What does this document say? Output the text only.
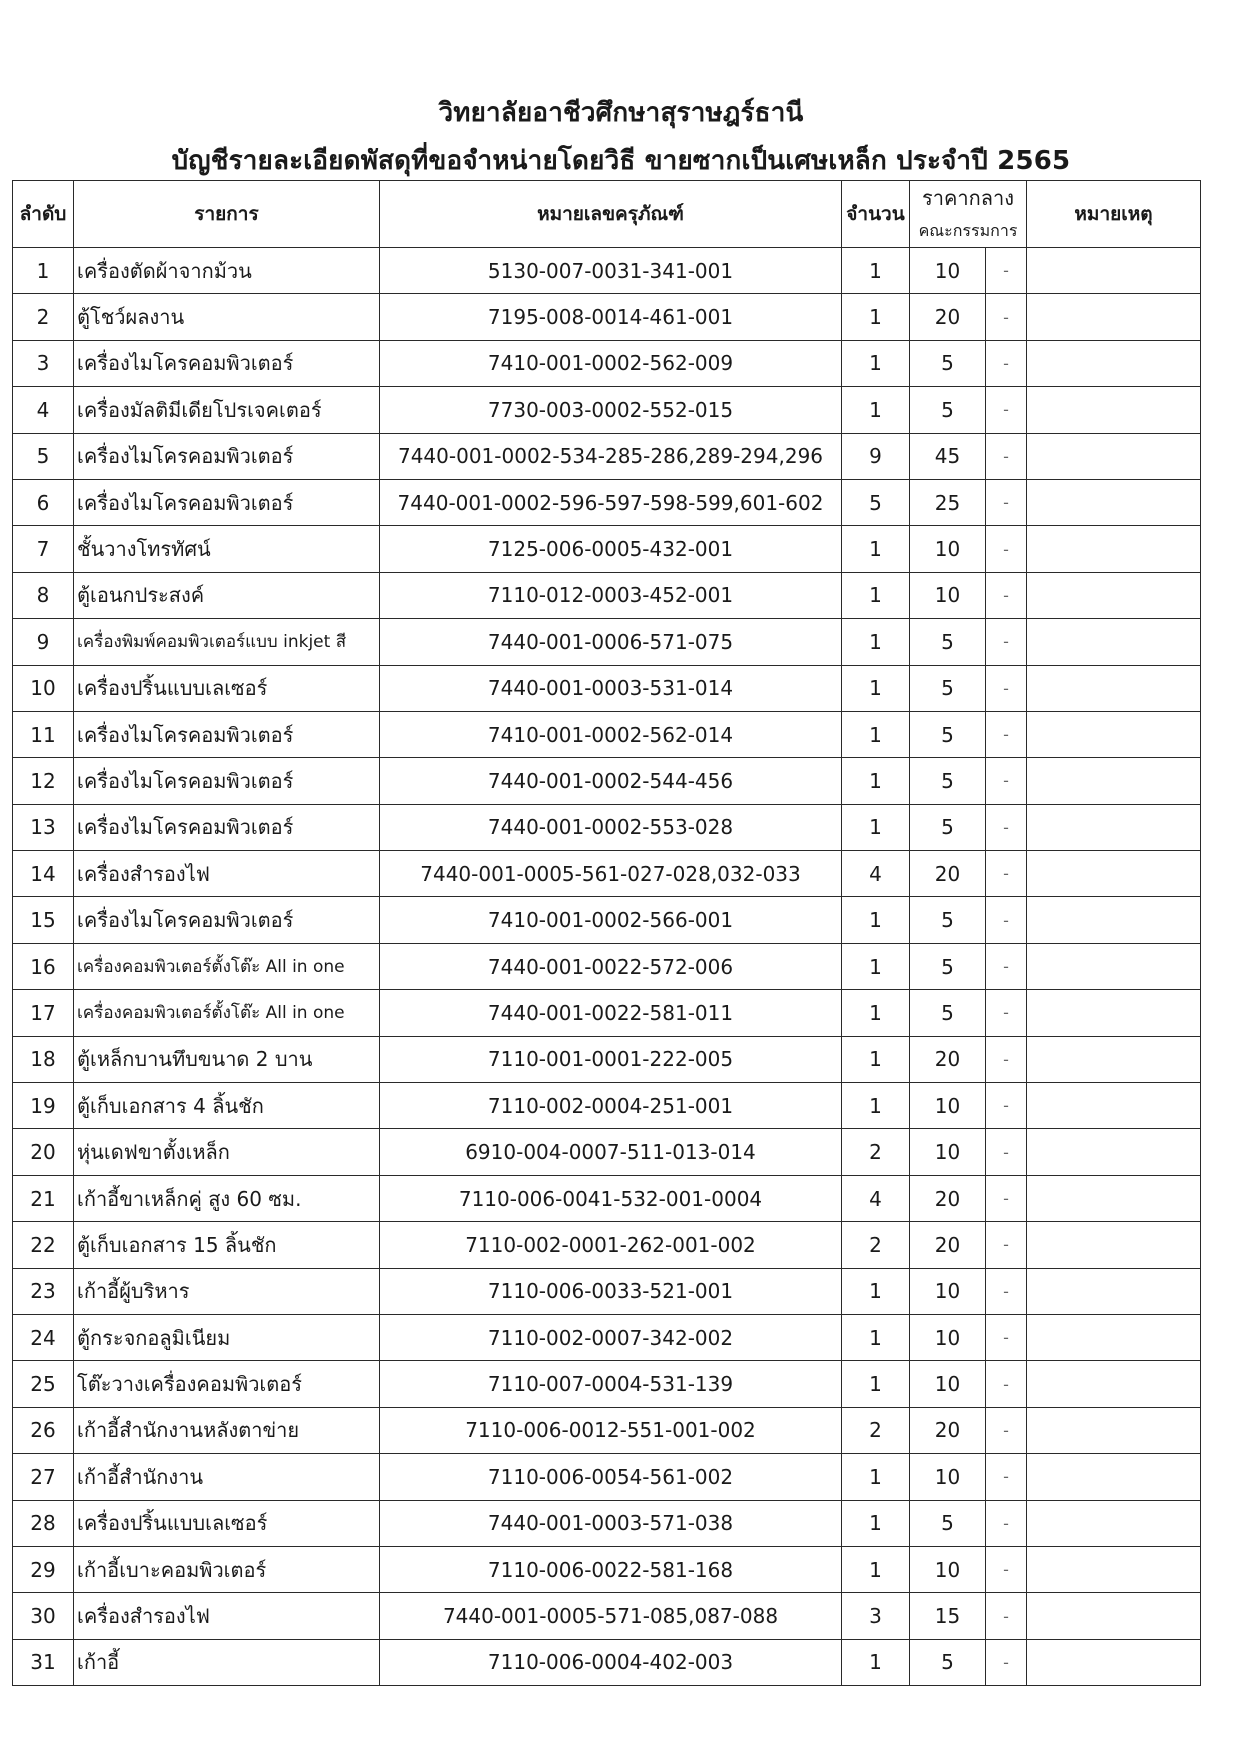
วิทยาลัยอาชีวศึกษาสุราษฎร์ธานี
บัญชีรายละเอียดพัสดุที่ขอจำหน่ายโดยวิธี ขายซากเป็นเศษเหล็ก ประจำปี 2565
ลำดับ	รายการ	หมายเลขครุภัณฑ์	จำนวน	ราคากลาง		หมายเหตุ
				คณะกรรมการ		
1	เครื่องตัดผ้าจากม้วน	5130-007-0031-341-001	1	10	-	
2	ตู้โชว์ผลงาน	7195-008-0014-461-001	1	20	-	
3	เครื่องไมโครคอมพิวเตอร์	7410-001-0002-562-009	1	5	-	
4	เครื่องมัลติมีเดียโปรเจคเตอร์	7730-003-0002-552-015	1	5	-	
5	เครื่องไมโครคอมพิวเตอร์	7440-001-0002-534-285-286,289-294,296	9	45	-	
6	เครื่องไมโครคอมพิวเตอร์	7440-001-0002-596-597-598-599,601-602	5	25	-	
7	ชั้นวางโทรทัศน์	7125-006-0005-432-001	1	10	-	
8	ตู้เอนกประสงค์	7110-012-0003-452-001	1	10	-	
9	เครื่องพิมพ์คอมพิวเตอร์แบบ inkjet สี	7440-001-0006-571-075	1	5	-	
10	เครื่องปริ้นแบบเลเซอร์	7440-001-0003-531-014	1	5	-	
11	เครื่องไมโครคอมพิวเตอร์	7410-001-0002-562-014	1	5	-	
12	เครื่องไมโครคอมพิวเตอร์	7440-001-0002-544-456	1	5	-	
13	เครื่องไมโครคอมพิวเตอร์	7440-001-0002-553-028	1	5	-	
14	เครื่องสำรองไฟ	7440-001-0005-561-027-028,032-033	4	20	-	
15	เครื่องไมโครคอมพิวเตอร์	7410-001-0002-566-001	1	5	-	
16	เครื่องคอมพิวเตอร์ตั้งโต๊ะ All in one	7440-001-0022-572-006	1	5	-	
17	เครื่องคอมพิวเตอร์ตั้งโต๊ะ All in one	7440-001-0022-581-011	1	5	-	
18	ตู้เหล็กบานทึบขนาด 2 บาน	7110-001-0001-222-005	1	20	-	
19	ตู้เก็บเอกสาร 4 ลิ้นชัก	7110-002-0004-251-001	1	10	-	
20	หุ่นเดฟขาตั้งเหล็ก	6910-004-0007-511-013-014	2	10	-	
21	เก้าอี้ขาเหล็กคู่ สูง 60 ซม.	7110-006-0041-532-001-0004	4	20	-	
22	ตู้เก็บเอกสาร 15 ลิ้นชัก	7110-002-0001-262-001-002	2	20	-	
23	เก้าอี้ผู้บริหาร	7110-006-0033-521-001	1	10	-	
24	ตู้กระจกอลูมิเนียม	7110-002-0007-342-002	1	10	-	
25	โต๊ะวางเครื่องคอมพิวเตอร์	7110-007-0004-531-139	1	10	-	
26	เก้าอี้สำนักงานหลังตาข่าย	7110-006-0012-551-001-002	2	20	-	
27	เก้าอี้สำนักงาน	7110-006-0054-561-002	1	10	-	
28	เครื่องปริ้นแบบเลเซอร์	7440-001-0003-571-038	1	5	-	
29	เก้าอี้เบาะคอมพิวเตอร์	7110-006-0022-581-168	1	10	-	
30	เครื่องสำรองไฟ	7440-001-0005-571-085,087-088	3	15	-	
31	เก้าอี้	7110-006-0004-402-003	1	5	-	
